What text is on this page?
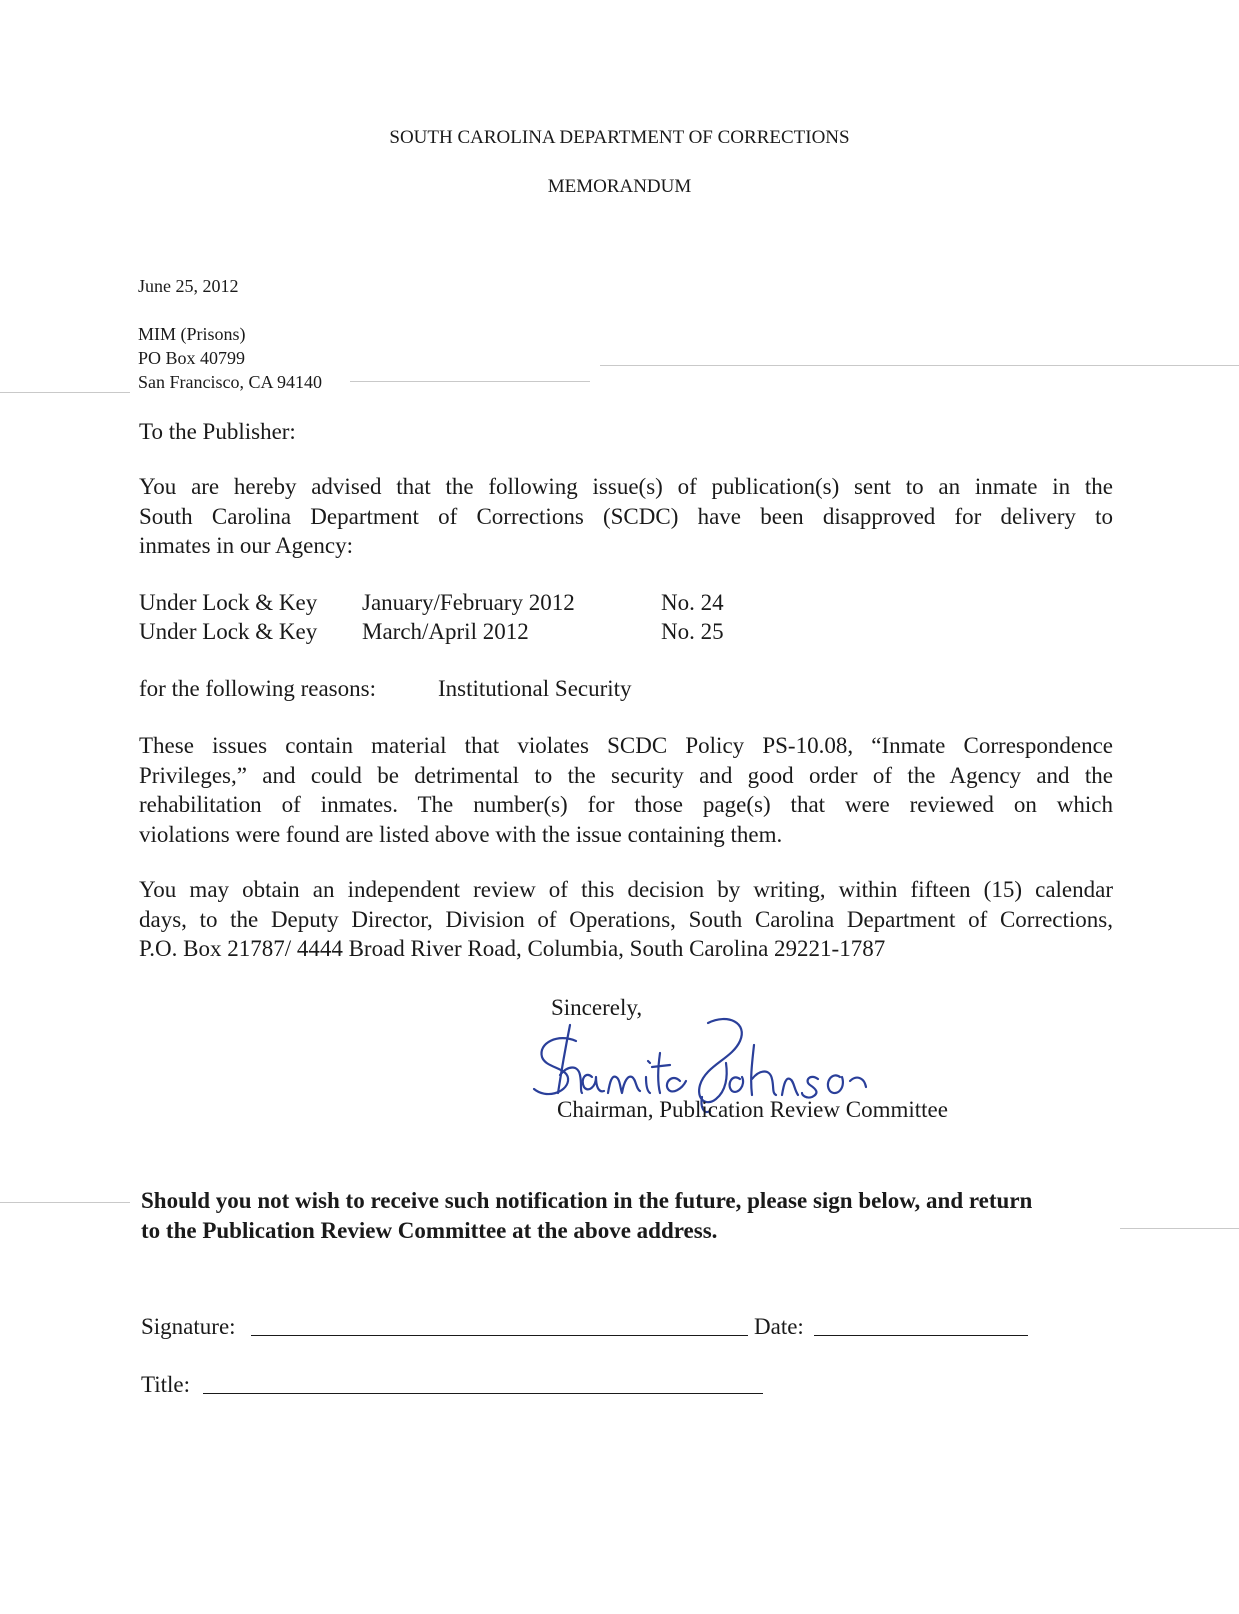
SOUTH CAROLINA DEPARTMENT OF CORRECTIONS
MEMORANDUM
June 25, 2012
MIM (Prisons)
PO Box 40799
San Francisco, CA 94140
To the Publisher:
You are hereby advised that the following issue(s) of publication(s) sent to an inmate in the
South Carolina Department of Corrections (SCDC) have been disapproved for delivery to
inmates in our Agency:
Under Lock & Key January/February 2012	No. 24
Under Lock & Key March/April 2012	No. 25
for the following reasons:	Institutional Security
These issues contain material that violates SCDC Policy PS-10.08, “Inmate Correspondence
Privileges,” and could be detrimental to the security and good order of the Agency and the
rehabilitation of inmates. The number(s) for those page(s) that were reviewed on which
violations were found are listed above with the issue containing them.
You may obtain an independent review of this decision by writing, within fifteen (15) calendar
days, to the Deputy Director, Division of Operations, South Carolina Department of Corrections,
P.O. Box 21787/ 4444 Broad River Road, Columbia, South Carolina 29221-1787
Sincerely,
Chairman, Publication Review Committee
Should you not wish to receive such notification in the future, please sign below, and return
to the Publication Review Committee at the above address.
Signature:	Date:
Title:
